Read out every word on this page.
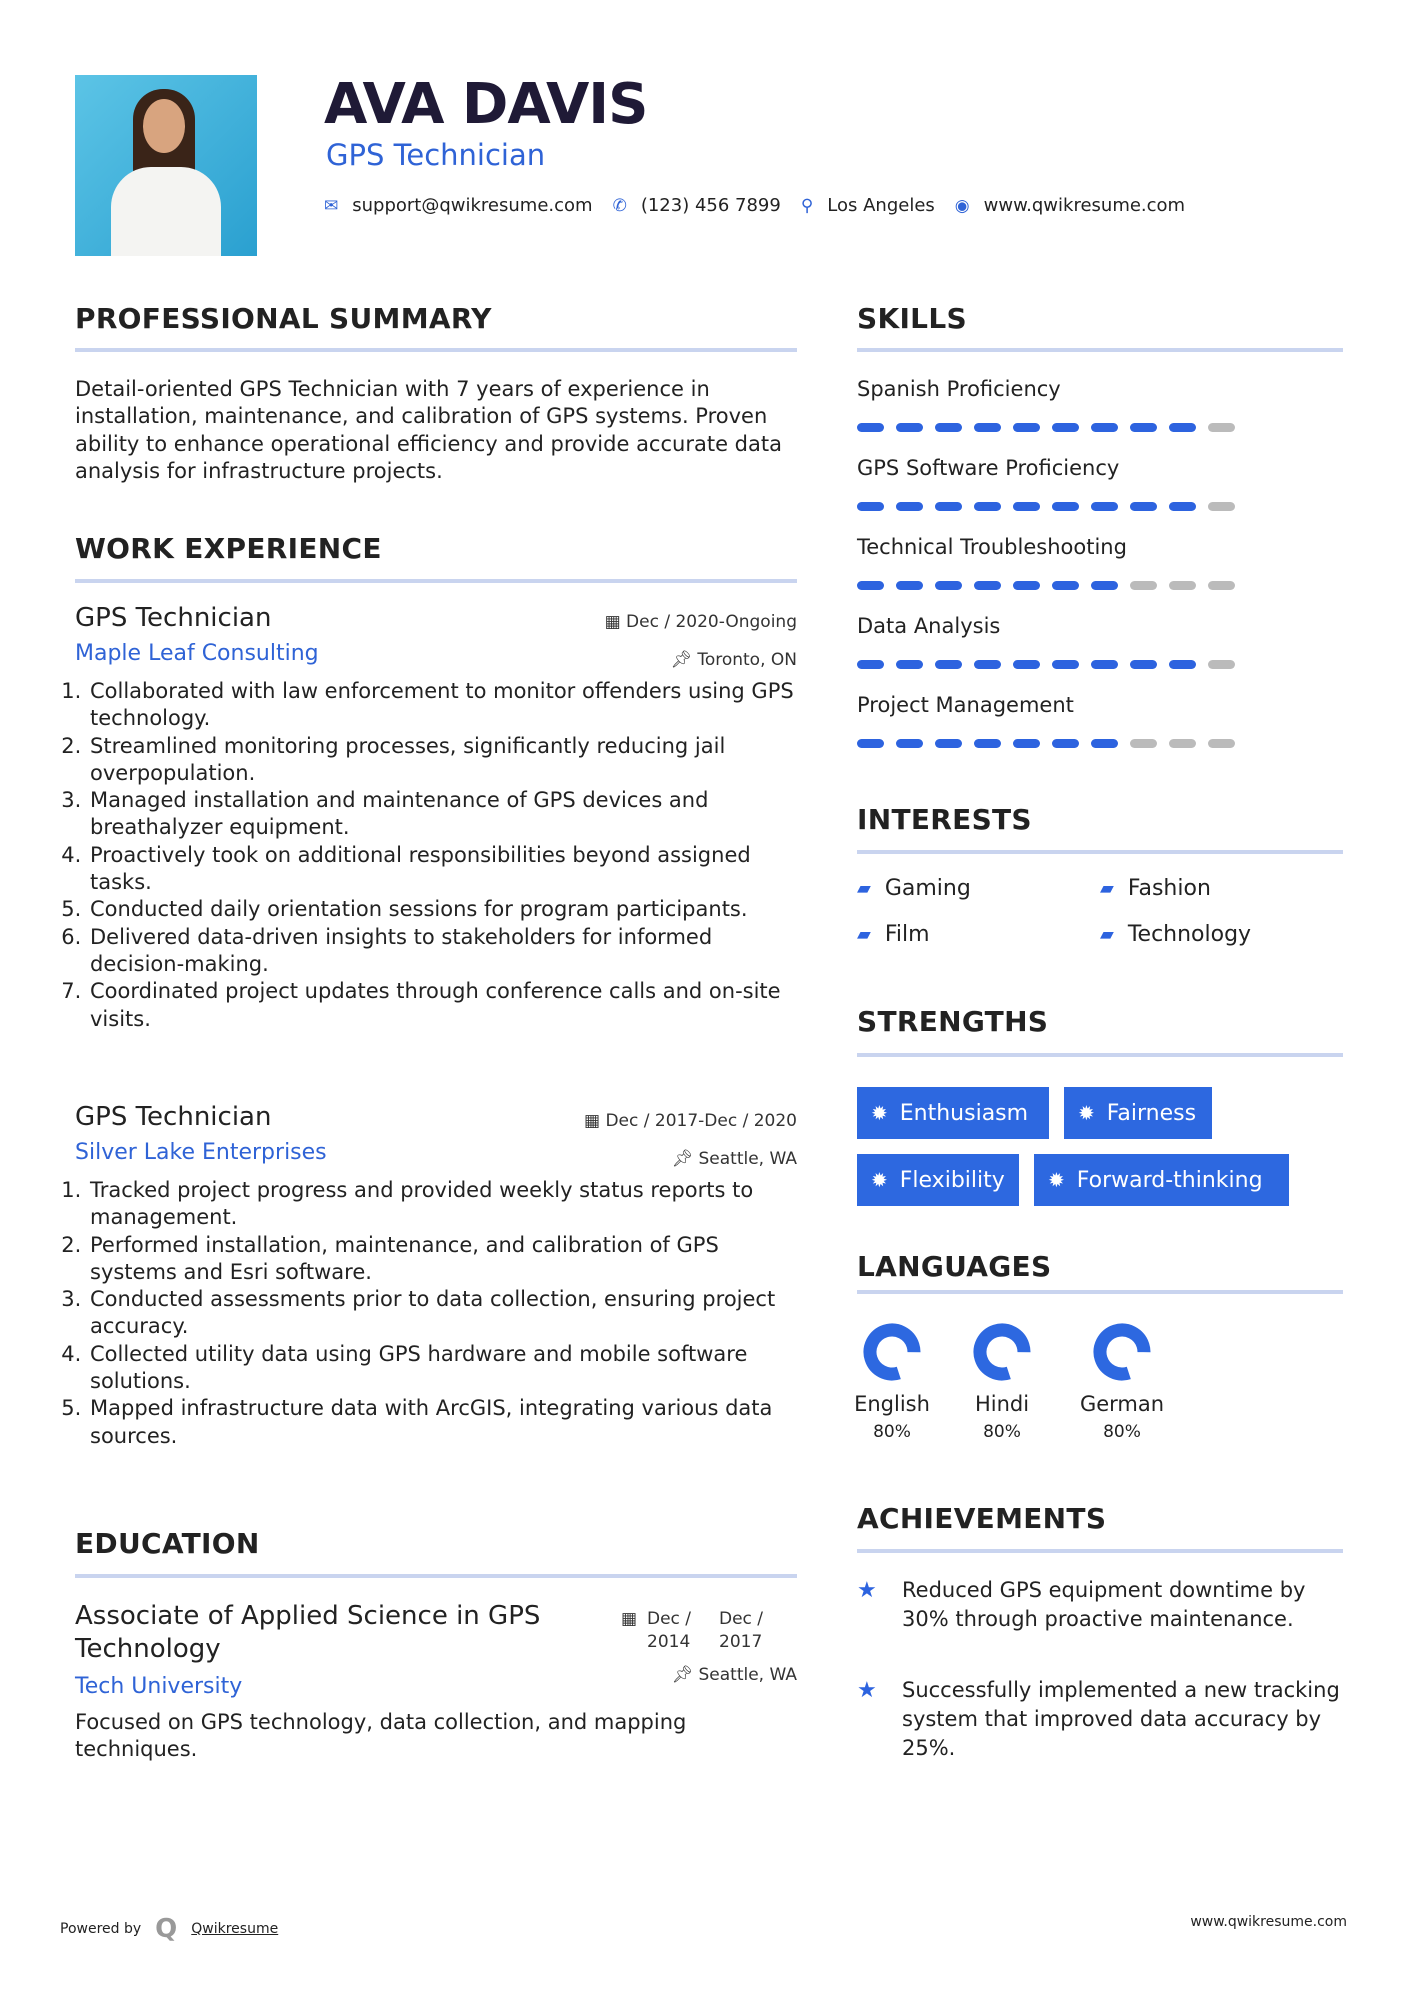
AVA DAVIS
GPS Technician
✉ support@qwikresume.com ✆ (123) 456 7899 ⚲ Los Angeles ◉ www.qwikresume.com
PROFESSIONAL SUMMARY
Detail-oriented GPS Technician with 7 years of experience in installation, maintenance, and calibration of GPS systems. Proven ability to enhance operational efficiency and provide accurate data analysis for infrastructure projects.
WORK EXPERIENCE
GPS Technician	▦ Dec / 2020-Ongoing
Maple Leaf Consulting	📌︎ Toronto, ON
1. Collaborated with law enforcement to monitor offenders using GPS technology.
2. Streamlined monitoring processes, significantly reducing jail overpopulation.
3. Managed installation and maintenance of GPS devices and breathalyzer equipment.
4. Proactively took on additional responsibilities beyond assigned tasks.
5. Conducted daily orientation sessions for program participants.
6. Delivered data-driven insights to stakeholders for informed decision-making.
7. Coordinated project updates through conference calls and on-site visits.
GPS Technician	▦ Dec / 2017-Dec / 2020
Silver Lake Enterprises	📌︎ Seattle, WA
1. Tracked project progress and provided weekly status reports to management.
2. Performed installation, maintenance, and calibration of GPS systems and Esri software.
3. Conducted assessments prior to data collection, ensuring project accuracy.
4. Collected utility data using GPS hardware and mobile software solutions.
5. Mapped infrastructure data with ArcGIS, integrating various data sources.
EDUCATION
Associate of Applied Science in GPS Technology
▦ Dec / 2014
Dec / 2017
Tech University	📌︎ Seattle, WA
Focused on GPS technology, data collection, and mapping techniques.
SKILLS
Spanish Proficiency
GPS Software Proficiency
Technical Troubleshooting
Data Analysis
Project Management
INTERESTS
▰ Gaming	▰ Fashion
▰ Film	▰ Technology
STRENGTHS
✹ Enthusiasm ✹ Fairness
✹ Flexibility ✹ Forward-thinking
LANGUAGES
English
80%
Hindi
80%
German
80%
ACHIEVEMENTS
★	Reduced GPS equipment downtime by 30% through proactive maintenance.
★	Successfully implemented a new tracking system that improved data accuracy by 25%.
Powered by Q Qwikresume	www.qwikresume.com
